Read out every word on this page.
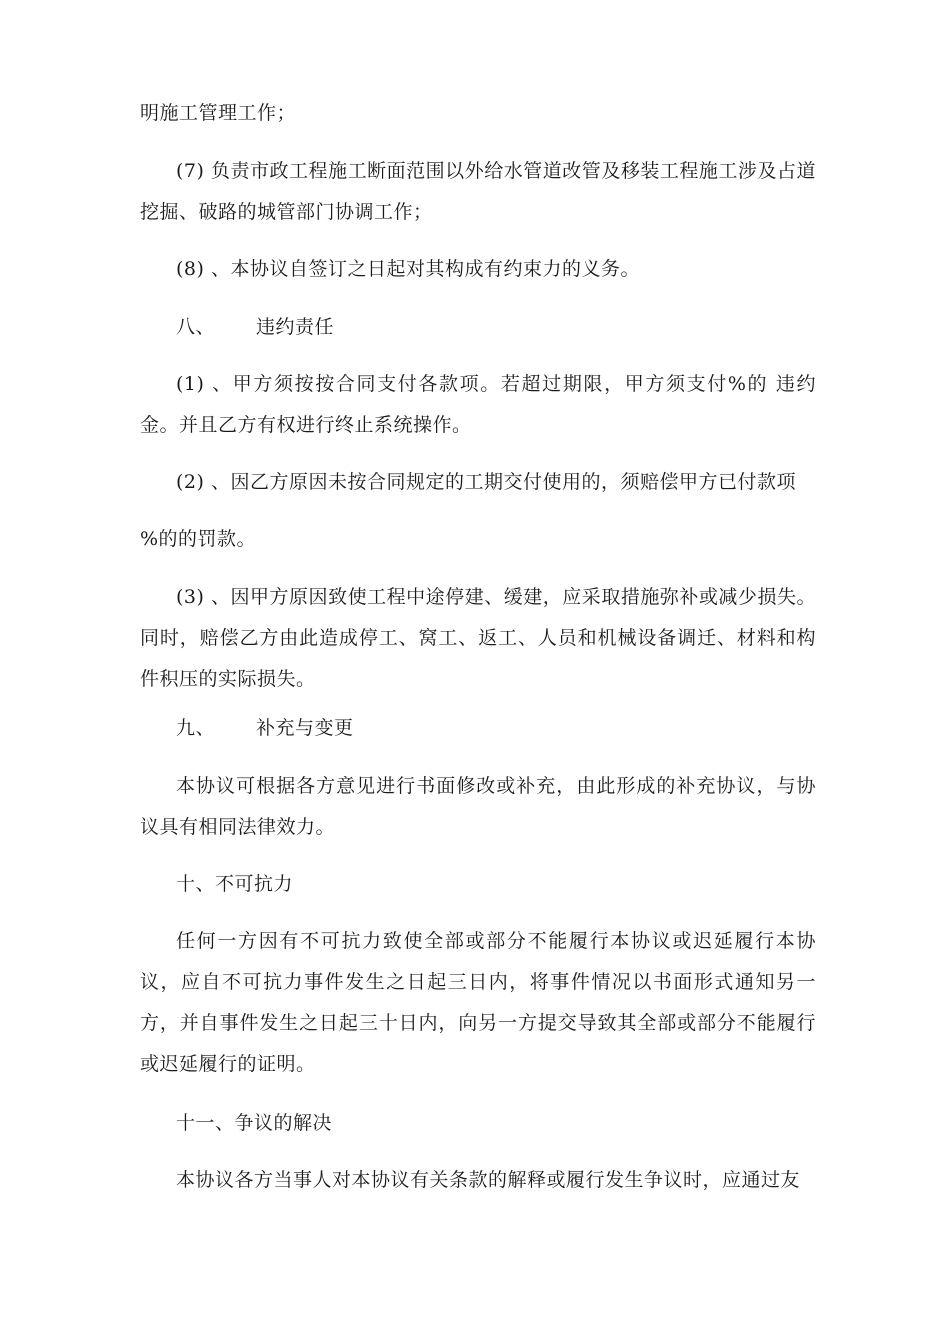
明施工管理工作；

(7) 负责市政工程施工断面范围以外给水管道改管及移装工程施工涉及占道挖掘、破路的城管部门协调工作；

(8) 、本协议自签订之日起对其构成有约束力的义务。

八、 违约责任

(1) 、甲方须按按合同支付各款项。若超过期限，甲方须支付%的 违约金。并且乙方有权进行终止系统操作。

(2) 、因乙方原因未按合同规定的工期交付使用的，须赔偿甲方已付款项

%的的罚款。

(3) 、因甲方原因致使工程中途停建、缓建，应采取措施弥补或减少损失。同时，赔偿乙方由此造成停工、窝工、返工、人员和机械设备调迁、材料和构件积压的实际损失。

九、 补充与变更

本协议可根据各方意见进行书面修改或补充，由此形成的补充协议，与协议具有相同法律效力。

十、不可抗力

任何一方因有不可抗力致使全部或部分不能履行本协议或迟延履行本协议，应自不可抗力事件发生之日起三日内，将事件情况以书面形式通知另一方，并自事件发生之日起三十日内，向另一方提交导致其全部或部分不能履行或迟延履行的证明。

十一、争议的解决

本协议各方当事人对本协议有关条款的解释或履行发生争议时，应通过友
